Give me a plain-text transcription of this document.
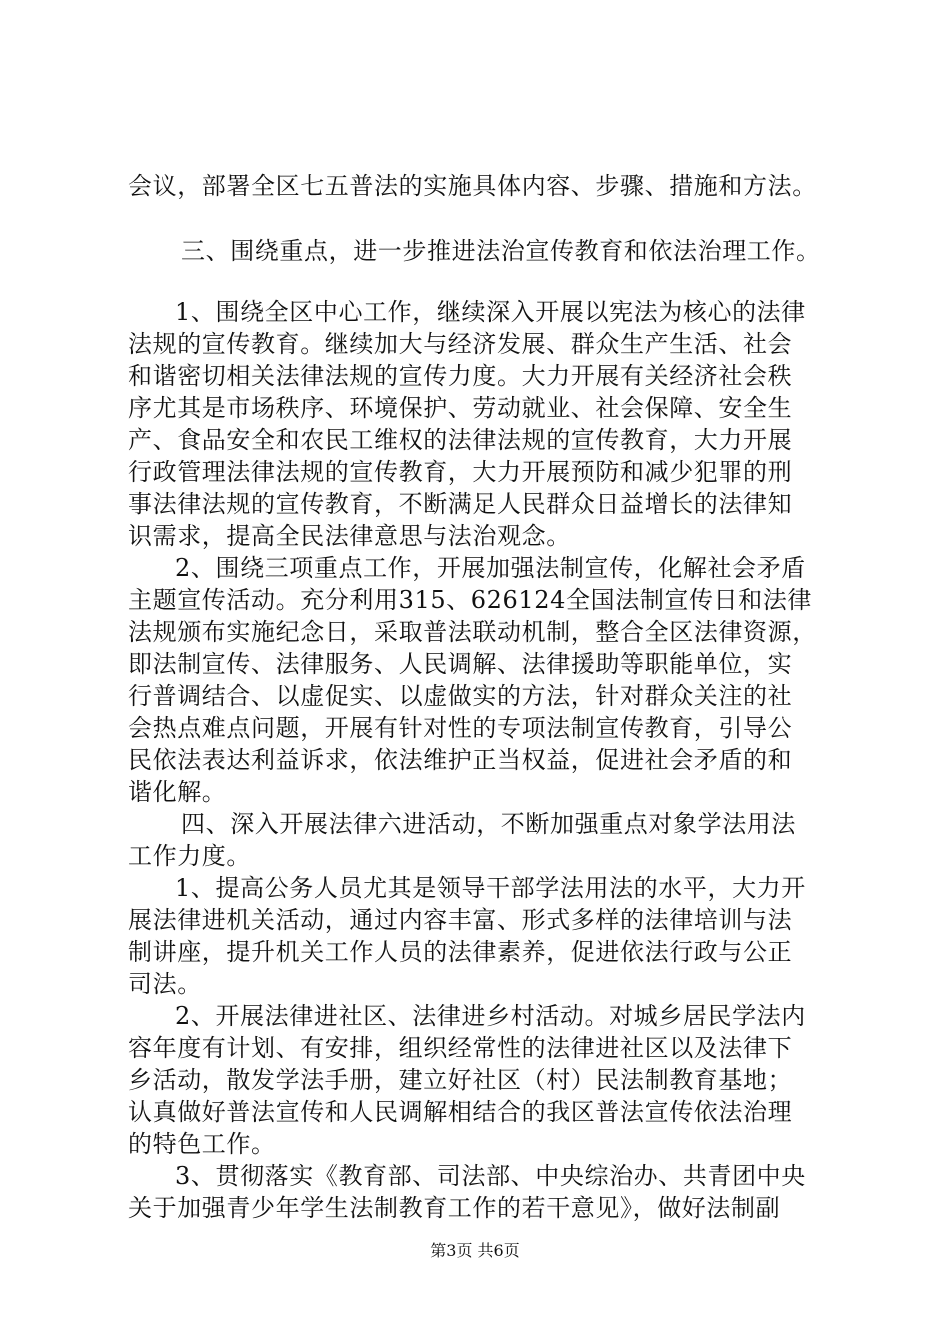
会议，部署全区七五普法的实施具体内容、步骤、措施和方法。
三、围绕重点，进一步推进法治宣传教育和依法治理工作。
1、围绕全区中心工作，继续深入开展以宪法为核心的法律
法规的宣传教育。继续加大与经济发展、群众生产生活、社会
和谐密切相关法律法规的宣传力度。大力开展有关经济社会秩
序尤其是市场秩序、环境保护、劳动就业、社会保障、安全生
产、食品安全和农民工维权的法律法规的宣传教育，大力开展
行政管理法律法规的宣传教育，大力开展预防和减少犯罪的刑
事法律法规的宣传教育，不断满足人民群众日益增长的法律知
识需求，提高全民法律意思与法治观念。
2、围绕三项重点工作，开展加强法制宣传，化解社会矛盾
主题宣传活动。充分利用315、626124全国法制宣传日和法律
法规颁布实施纪念日，采取普法联动机制，整合全区法律资源，
即法制宣传、法律服务、人民调解、法律援助等职能单位，实
行普调结合、以虚促实、以虚做实的方法，针对群众关注的社
会热点难点问题，开展有针对性的专项法制宣传教育，引导公
民依法表达利益诉求，依法维护正当权益，促进社会矛盾的和
谐化解。
四、深入开展法律六进活动，不断加强重点对象学法用法
工作力度。
1、提高公务人员尤其是领导干部学法用法的水平，大力开
展法律进机关活动，通过内容丰富、形式多样的法律培训与法
制讲座，提升机关工作人员的法律素养，促进依法行政与公正
司法。
2、开展法律进社区、法律进乡村活动。对城乡居民学法内
容年度有计划、有安排，组织经常性的法律进社区以及法律下
乡活动，散发学法手册，建立好社区（村）民法制教育基地；
认真做好普法宣传和人民调解相结合的我区普法宣传依法治理
的特色工作。
3、贯彻落实《教育部、司法部、中央综治办、共青团中央
关于加强青少年学生法制教育工作的若干意见》，做好法制副
第3页 共6页
